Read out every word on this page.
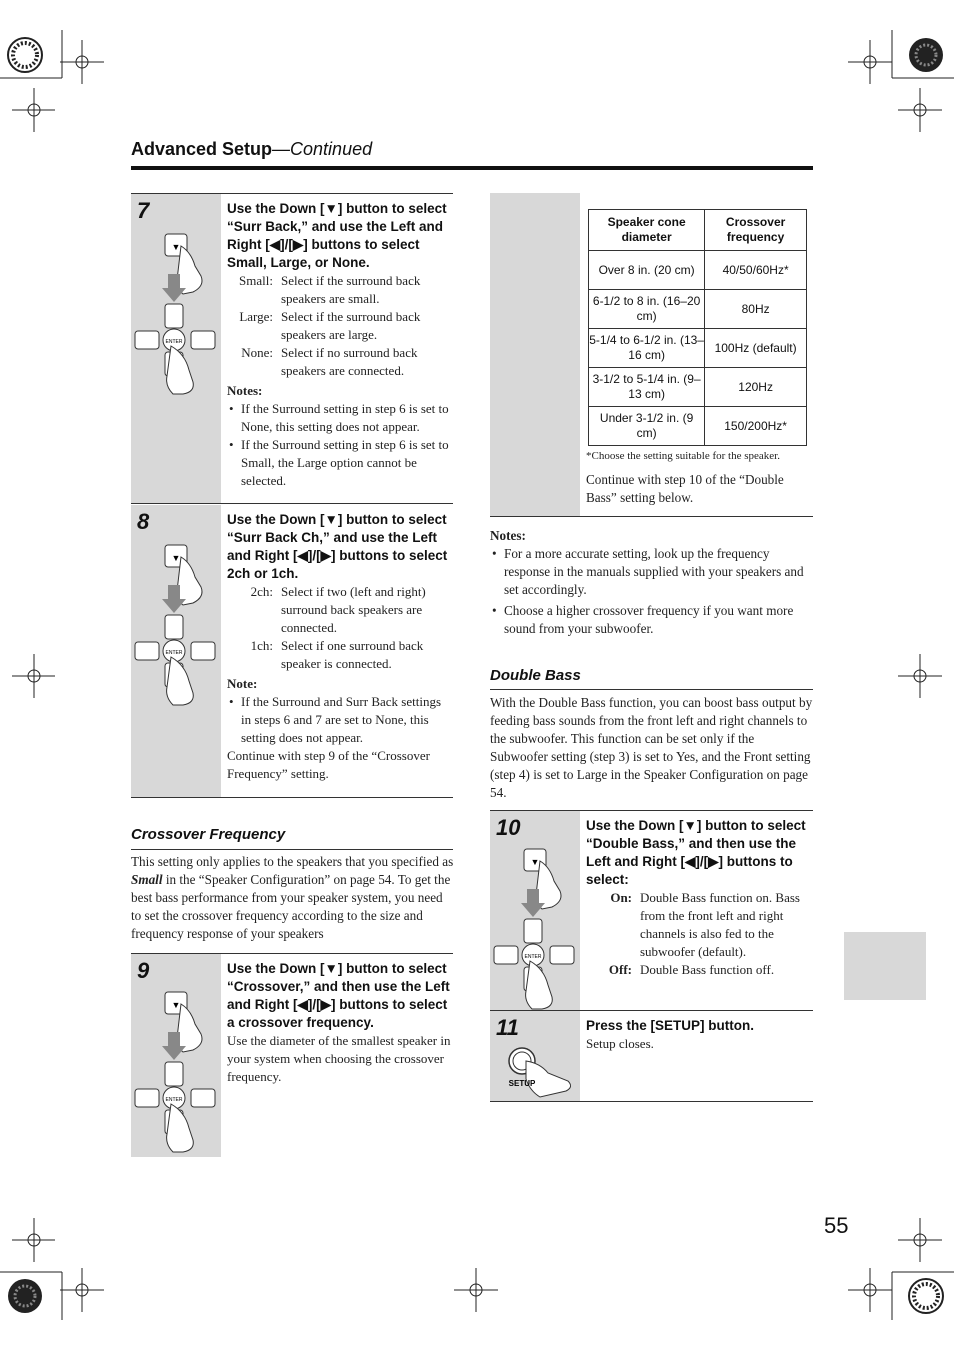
Advanced Setup—Continued
7
▼
ENTER
Use the Down [▼] button to select “Surr Back,” and use the Left and Right [◀]/[▶] buttons to select Small, Large, or None.
Small: Select if the surround back speakers are small.
Large: Select if the surround back speakers are large.
None: Select if no surround back speakers are connected.
Notes:
• If the Surround setting in step 6 is set to None, this setting does not appear.
• If the Surround setting in step 6 is set to Small, the Large option cannot be selected.
8
▼
ENTER
Use the Down [▼] button to select “Surr Back Ch,” and use the Left and Right [◀]/[▶] buttons to select 2ch or 1ch.
2ch: Select if two (left and right) surround back speakers are connected.
1ch: Select if one surround back speaker is connected.
Note:
• If the Surround and Surr Back settings in steps 6 and 7 are set to None, this setting does not appear.
Continue with step 9 of the “Crossover Frequency” setting.
Crossover Frequency
This setting only applies to the speakers that you specified as Small in the “Speaker Configuration” on page 54. To get the best bass performance from your speaker system, you need to set the crossover frequency according to the size and frequency response of your speakers
9
▼
ENTER
Use the Down [▼] button to select “Crossover,” and then use the Left and Right [◀]/[▶] buttons to select a crossover frequency.
Use the diameter of the smallest speaker in your system when choosing the crossover frequency.
Speaker cone diameter	Crossover frequency
Over 8 in. (20 cm)	40/50/60Hz*
6-1/2 to 8 in. (16–20 cm)	80Hz
5-1/4 to 6-1/2 in. (13–16 cm)	100Hz (default)
3-1/2 to 5-1/4 in. (9–13 cm)	120Hz
Under 3-1/2 in. (9 cm)	150/200Hz*
*Choose the setting suitable for the speaker.
Continue with step 10 of the “Double Bass” setting below.
Notes:
• For a more accurate setting, look up the frequency response in the manuals supplied with your speakers and set accordingly.
• Choose a higher crossover frequency if you want more sound from your subwoofer.
Double Bass
With the Double Bass function, you can boost bass output by feeding bass sounds from the front left and right channels to the subwoofer. This function can be set only if the Subwoofer setting (step 3) is set to Yes, and the Front setting (step 4) is set to Large in the Speaker Configuration on page 54.
10
▼
ENTER
Use the Down [▼] button to select “Double Bass,” and then use the Left and Right [◀]/[▶] buttons to select:
On: Double Bass function on. Bass from the front left and right channels is also fed to the subwoofer (default).
Off: Double Bass function off.
11
SETUP
Press the [SETUP] button.
Setup closes.
55
